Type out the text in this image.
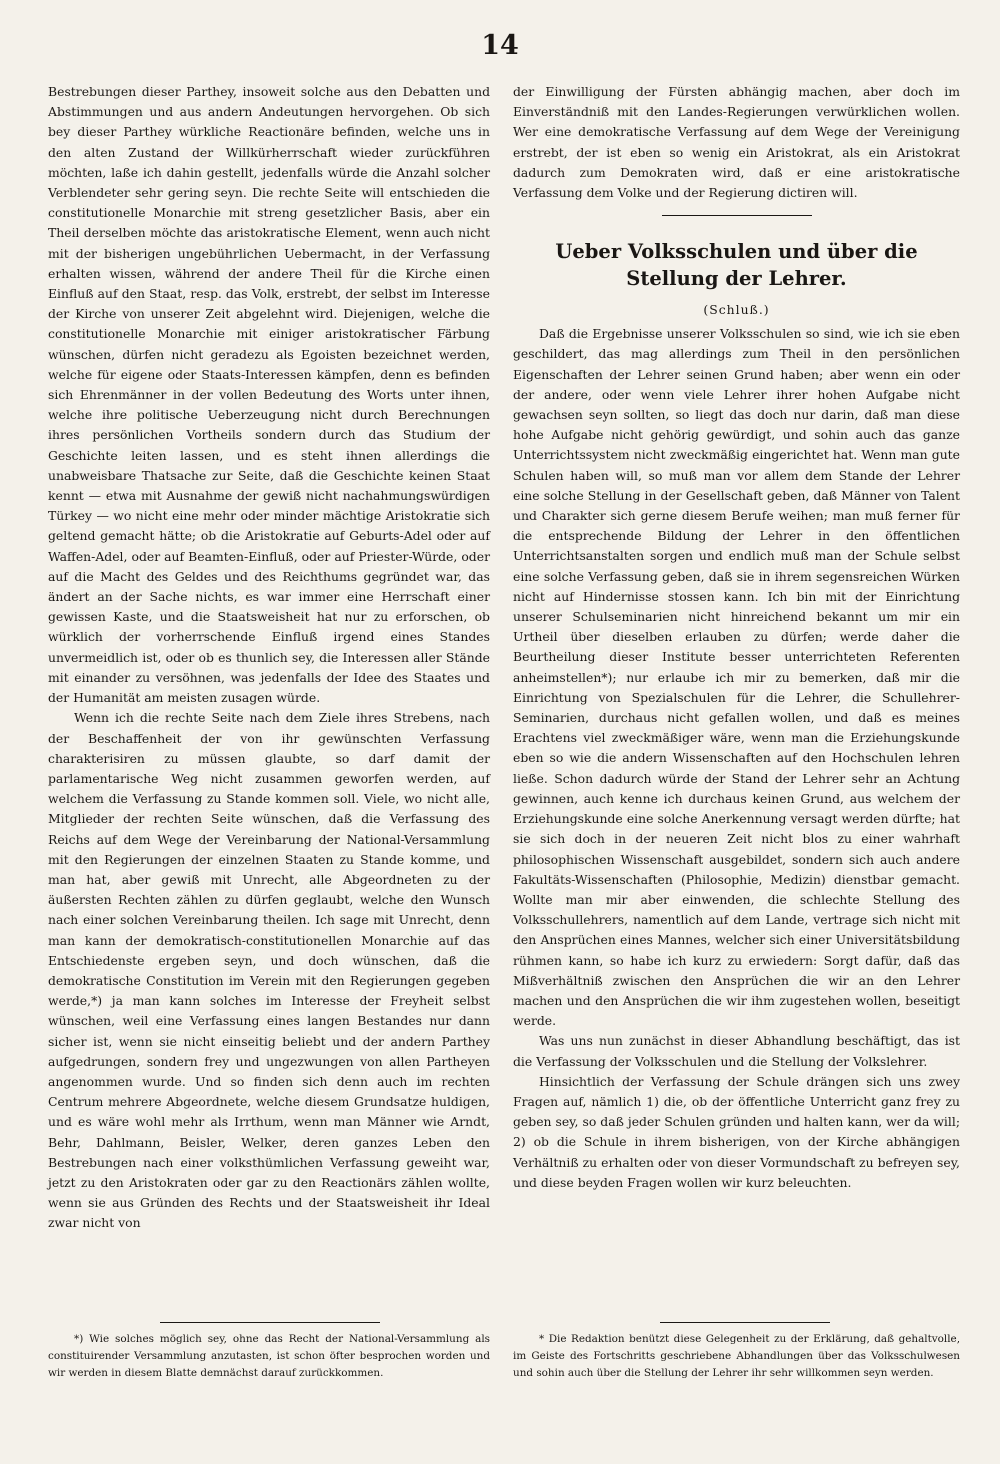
14

Bestrebungen dieser Parthey, insoweit solche aus den Debatten und Abstimmungen und aus andern Andeutungen hervorgehen. Ob sich bey dieser Parthey würkliche Reactionäre befinden, welche uns in den alten Zustand der Willkürherrschaft wieder zurückführen möchten, laße ich dahin gestellt, jedenfalls würde die Anzahl solcher Verblendeter sehr gering seyn. Die rechte Seite will entschieden die constitutionelle Monarchie mit streng gesetzlicher Basis, aber ein Theil derselben möchte das aristokratische Element, wenn auch nicht mit der bisherigen ungebührlichen Uebermacht, in der Verfassung erhalten wissen, während der andere Theil für die Kirche einen Einfluß auf den Staat, resp. das Volk, erstrebt, der selbst im Interesse der Kirche von unserer Zeit abgelehnt wird. Diejenigen, welche die constitutionelle Monarchie mit einiger aristokratischer Färbung wünschen, dürfen nicht geradezu als Egoisten bezeichnet werden, welche für eigene oder Staats-Interessen kämpfen, denn es befinden sich Ehrenmänner in der vollen Bedeutung des Worts unter ihnen, welche ihre politische Ueberzeugung nicht durch Berechnungen ihres persönlichen Vortheils sondern durch das Studium der Geschichte leiten lassen, und es steht ihnen allerdings die unabweisbare Thatsache zur Seite, daß die Geschichte keinen Staat kennt — etwa mit Ausnahme der gewiß nicht nachahmungswürdigen Türkey — wo nicht eine mehr oder minder mächtige Aristokratie sich geltend gemacht hätte; ob die Aristokratie auf Geburts-Adel oder auf Waffen-Adel, oder auf Beamten-Einfluß, oder auf Priester-Würde, oder auf die Macht des Geldes und des Reichthums gegründet war, das ändert an der Sache nichts, es war immer eine Herrschaft einer gewissen Kaste, und die Staatsweisheit hat nur zu erforschen, ob würklich der vorherrschende Einfluß irgend eines Standes unvermeidlich ist, oder ob es thunlich sey, die Interessen aller Stände mit einander zu versöhnen, was jedenfalls der Idee des Staates und der Humanität am meisten zusagen würde.

Wenn ich die rechte Seite nach dem Ziele ihres Strebens, nach der Beschaffenheit der von ihr gewünschten Verfassung charakterisiren zu müssen glaubte, so darf damit der parlamentarische Weg nicht zusammen geworfen werden, auf welchem die Verfassung zu Stande kommen soll. Viele, wo nicht alle, Mitglieder der rechten Seite wünschen, daß die Verfassung des Reichs auf dem Wege der Vereinbarung der National-Versammlung mit den Regierungen der einzelnen Staaten zu Stande komme, und man hat, aber gewiß mit Unrecht, alle Abgeordneten zu der äußersten Rechten zählen zu dürfen geglaubt, welche den Wunsch nach einer solchen Vereinbarung theilen. Ich sage mit Unrecht, denn man kann der demokratisch-constitutionellen Monarchie auf das Entschiedenste ergeben seyn, und doch wünschen, daß die demokratische Constitution im Verein mit den Regierungen gegeben werde,*) ja man kann solches im Interesse der Freyheit selbst wünschen, weil eine Verfassung eines langen Bestandes nur dann sicher ist, wenn sie nicht einseitig beliebt und der andern Parthey aufgedrungen, sondern frey und ungezwungen von allen Partheyen angenommen wurde. Und so finden sich denn auch im rechten Centrum mehrere Abgeordnete, welche diesem Grundsatze huldigen, und es wäre wohl mehr als Irrthum, wenn man Männer wie Arndt, Behr, Dahlmann, Beisler, Welker, deren ganzes Leben den Bestrebungen nach einer volksthümlichen Verfassung geweiht war, jetzt zu den Aristokraten oder gar zu den Reactionärs zählen wollte, wenn sie aus Gründen des Rechts und der Staatsweisheit ihr Ideal zwar nicht von

der Einwilligung der Fürsten abhängig machen, aber doch im Einverständniß mit den Landes-Regierungen verwürklichen wollen. Wer eine demokratische Verfassung auf dem Wege der Vereinigung erstrebt, der ist eben so wenig ein Aristokrat, als ein Aristokrat dadurch zum Demokraten wird, daß er eine aristokratische Verfassung dem Volke und der Regierung dictiren will.

Ueber Volksschulen und über die Stellung der Lehrer.
(Schluß.)

Daß die Ergebnisse unserer Volksschulen so sind, wie ich sie eben geschildert, das mag allerdings zum Theil in den persönlichen Eigenschaften der Lehrer seinen Grund haben; aber wenn ein oder der andere, oder wenn viele Lehrer ihrer hohen Aufgabe nicht gewachsen seyn sollten, so liegt das doch nur darin, daß man diese hohe Aufgabe nicht gehörig gewürdigt, und sohin auch das ganze Unterrichtssystem nicht zweckmäßig eingerichtet hat. Wenn man gute Schulen haben will, so muß man vor allem dem Stande der Lehrer eine solche Stellung in der Gesellschaft geben, daß Männer von Talent und Charakter sich gerne diesem Berufe weihen; man muß ferner für die entsprechende Bildung der Lehrer in den öffentlichen Unterrichtsanstalten sorgen und endlich muß man der Schule selbst eine solche Verfassung geben, daß sie in ihrem segensreichen Würken nicht auf Hindernisse stossen kann. Ich bin mit der Einrichtung unserer Schulseminarien nicht hinreichend bekannt um mir ein Urtheil über dieselben erlauben zu dürfen; werde daher die Beurtheilung dieser Institute besser unterrichteten Referenten anheimstellen*); nur erlaube ich mir zu bemerken, daß mir die Einrichtung von Spezialschulen für die Lehrer, die Schullehrer-Seminarien, durchaus nicht gefallen wollen, und daß es meines Erachtens viel zweckmäßiger wäre, wenn man die Erziehungskunde eben so wie die andern Wissenschaften auf den Hochschulen lehren ließe. Schon dadurch würde der Stand der Lehrer sehr an Achtung gewinnen, auch kenne ich durchaus keinen Grund, aus welchem der Erziehungskunde eine solche Anerkennung versagt werden dürfte; hat sie sich doch in der neueren Zeit nicht blos zu einer wahrhaft philosophischen Wissenschaft ausgebildet, sondern sich auch andere Fakultäts-Wissenschaften (Philosophie, Medizin) dienstbar gemacht. Wollte man mir aber einwenden, die schlechte Stellung des Volksschullehrers, namentlich auf dem Lande, vertrage sich nicht mit den Ansprüchen eines Mannes, welcher sich einer Universitätsbildung rühmen kann, so habe ich kurz zu erwiedern: Sorgt dafür, daß das Mißverhältniß zwischen den Ansprüchen die wir an den Lehrer machen und den Ansprüchen die wir ihm zugestehen wollen, beseitigt werde.

Was uns nun zunächst in dieser Abhandlung beschäftigt, das ist die Verfassung der Volksschulen und die Stellung der Volkslehrer.

Hinsichtlich der Verfassung der Schule drängen sich uns zwey Fragen auf, nämlich 1) die, ob der öffentliche Unterricht ganz frey zu geben sey, so daß jeder Schulen gründen und halten kann, wer da will; 2) ob die Schule in ihrem bisherigen, von der Kirche abhängigen Verhältniß zu erhalten oder von dieser Vormundschaft zu befreyen sey, und diese beyden Fragen wollen wir kurz beleuchten.

*) Wie solches möglich sey, ohne das Recht der National-Versammlung als constituirender Versammlung anzutasten, ist schon öfter besprochen worden und wir werden in diesem Blatte demnächst darauf zurückkommen.

* Die Redaktion benützt diese Gelegenheit zu der Erklärung, daß gehaltvolle, im Geiste des Fortschritts geschriebene Abhandlungen über das Volksschulwesen und sohin auch über die Stellung der Lehrer ihr sehr willkommen seyn werden.
